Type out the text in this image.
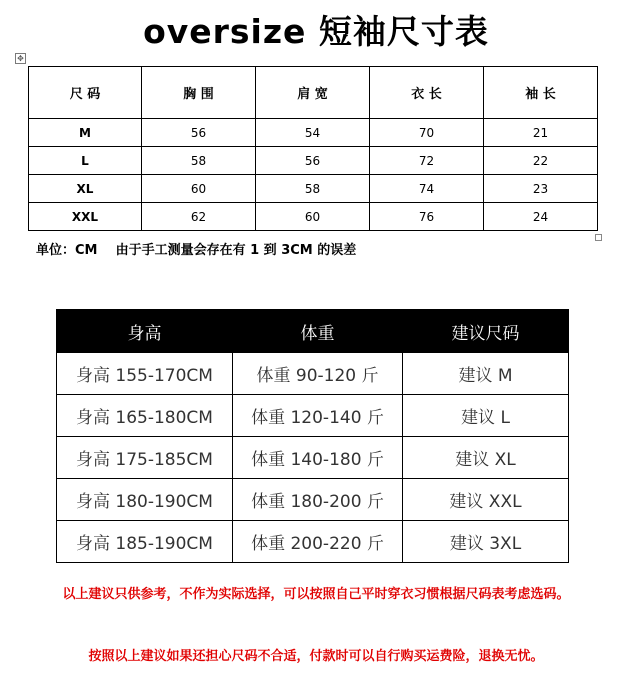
oversize 短袖尺寸表
✥
尺 码	胸 围	肩 宽	衣 长	袖 长
M	56	54	70	21
L	58	56	72	22
XL	60	58	74	23
XXL	62	60	76	24
单位：CM    由于手工测量会存在有 1 到 3CM 的误差
身高	体重	建议尺码
身高 155-170CM	体重 90-120 斤	建议 M
身高 165-180CM	体重 120-140 斤	建议 L
身高 175-185CM	体重 140-180 斤	建议 XL
身高 180-190CM	体重 180-200 斤	建议 XXL
身高 185-190CM	体重 200-220 斤	建议 3XL
以上建议只供参考，不作为实际选择，可以按照自己平时穿衣习惯根据尺码表考虑选码。
按照以上建议如果还担心尺码不合适，付款时可以自行购买运费险，退换无忧。
